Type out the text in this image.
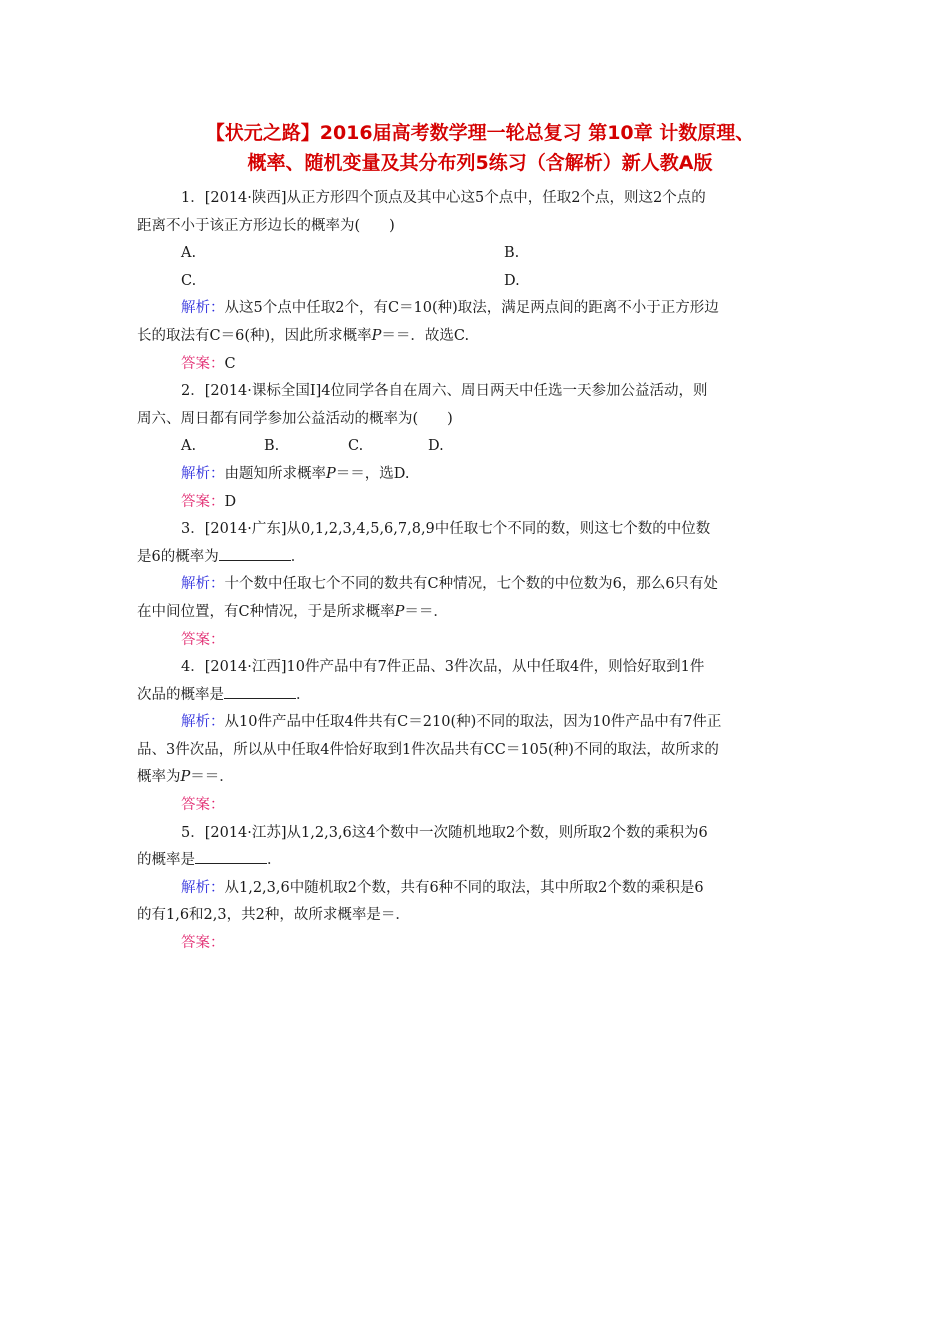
【状元之路】2016届高考数学理一轮总复习 第10章 计数原理、
概率、随机变量及其分布列5练习（含解析）新人教A版
1．[2014·陕西]从正方形四个顶点及其中心这5个点中，任取2个点，则这2个点的
距离不小于该正方形边长的概率为(　　)
A.	B.
C.	D.
解析：从这5个点中任取2个，有C＝10(种)取法，满足两点间的距离不小于正方形边
长的取法有C＝6(种)，因此所求概率P＝＝．故选C.
答案：C
2．[2014·课标全国Ⅰ]4位同学各自在周六、周日两天中任选一天参加公益活动，则
周六、周日都有同学参加公益活动的概率为(　　)
A.	B.	C.	D.
解析：由题知所求概率P＝＝，选D.
答案：D
3．[2014·广东]从0,1,2,3,4,5,6,7,8,9中任取七个不同的数，则这七个数的中位数
是6的概率为	．
解析：十个数中任取七个不同的数共有C种情况，七个数的中位数为6，那么6只有处
在中间位置，有C种情况，于是所求概率P＝＝．
答案：
4．[2014·江西]10件产品中有7件正品、3件次品，从中任取4件，则恰好取到1件
次品的概率是	．
解析：从10件产品中任取4件共有C＝210(种)不同的取法，因为10件产品中有7件正
品、3件次品，所以从中任取4件恰好取到1件次品共有CC＝105(种)不同的取法，故所求的
概率为P＝＝．
答案：
5．[2014·江苏]从1,2,3,6这4个数中一次随机地取2个数，则所取2个数的乘积为6
的概率是	．
解析：从1,2,3,6中随机取2个数，共有6种不同的取法，其中所取2个数的乘积是6
的有1,6和2,3，共2种，故所求概率是＝．
答案：
